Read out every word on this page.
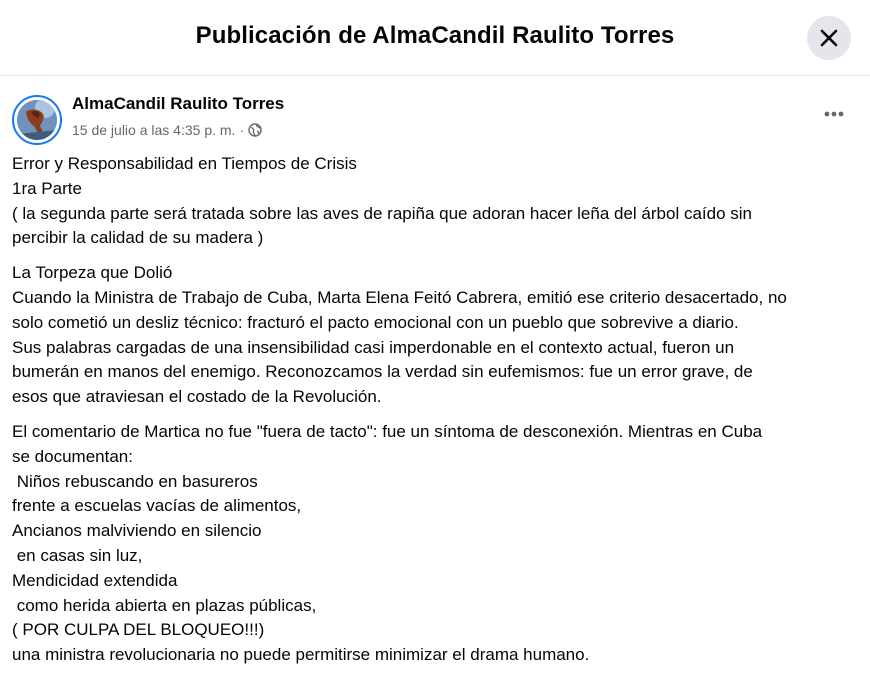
Publicación de AlmaCandil Raulito Torres
AlmaCandil Raulito Torres
15 de julio a las 4:35 p. m. ·
Error y Responsabilidad en Tiempos de Crisis
1ra Parte
( la segunda parte será tratada sobre las aves de rapiña que adoran hacer leña del árbol caído sin
percibir la calidad de su madera )
La Torpeza que Dolió
Cuando la Ministra de Trabajo de Cuba, Marta Elena Feitó Cabrera, emitió ese criterio desacertado, no
solo cometió un desliz técnico: fracturó el pacto emocional con un pueblo que sobrevive a diario.
Sus palabras cargadas de una insensibilidad casi imperdonable en el contexto actual, fueron un
bumerán en manos del enemigo. Reconozcamos la verdad sin eufemismos: fue un error grave, de
esos que atraviesan el costado de la Revolución.
El comentario de Martica no fue "fuera de tacto": fue un síntoma de desconexión. Mientras en Cuba
se documentan:
Niños rebuscando en basureros
frente a escuelas vacías de alimentos,
Ancianos malviviendo en silencio
en casas sin luz,
Mendicidad extendida
como herida abierta en plazas públicas,
( POR CULPA DEL BLOQUEO!!!)
una ministra revolucionaria no puede permitirse minimizar el drama humano.
